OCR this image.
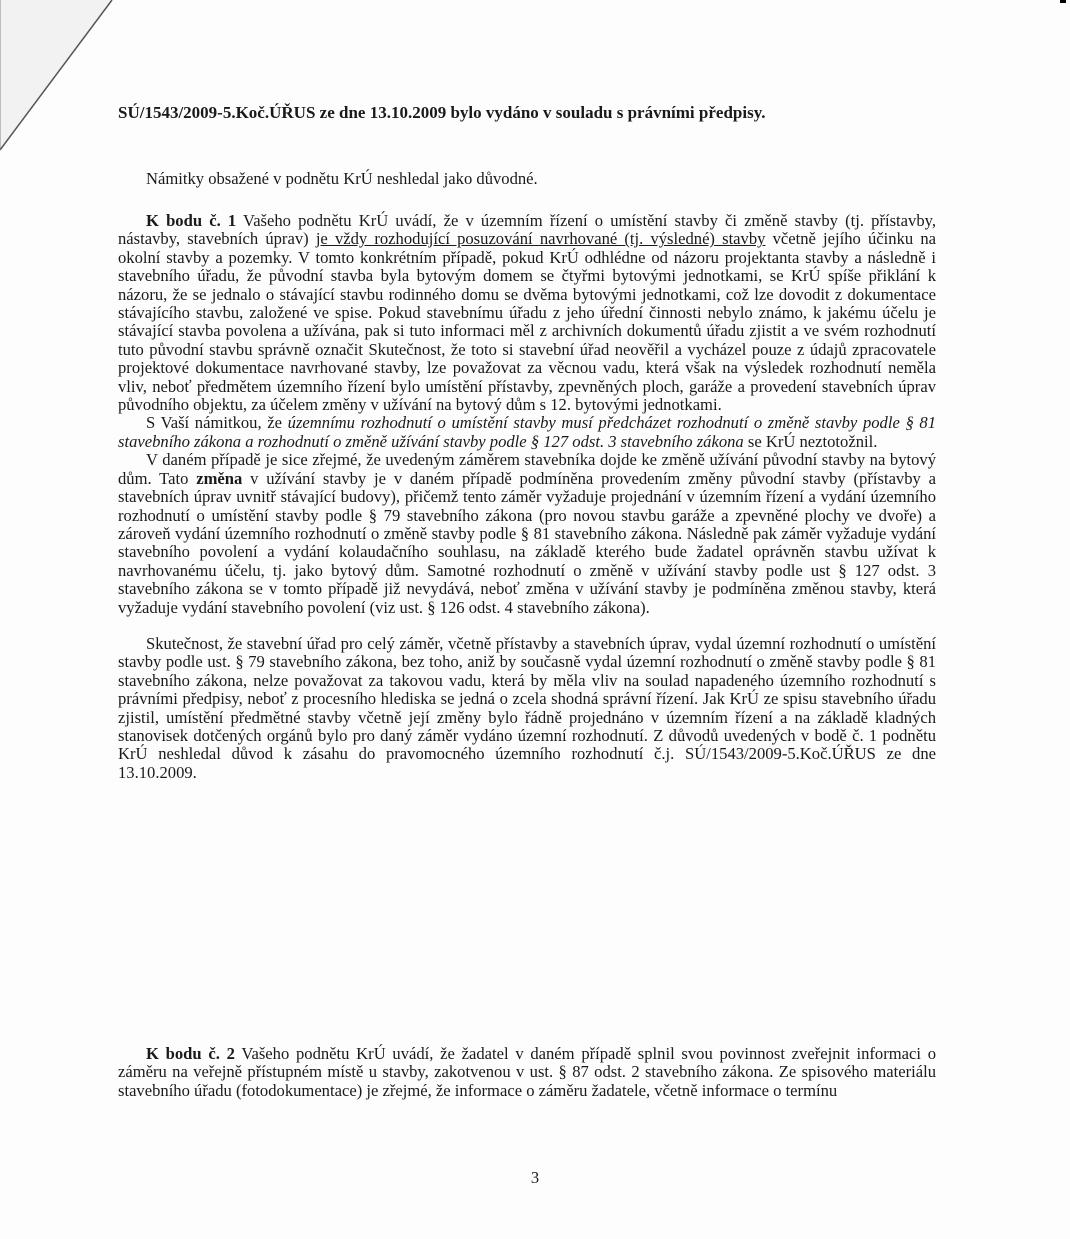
SÚ/1543/2009-5.Koč.ÚŘUS ze dne 13.10.2009 bylo vydáno v souladu s právními předpisy.

Námitky obsažené v podnětu KrÚ neshledal jako důvodné.

K bodu č. 1 Vašeho podnětu KrÚ uvádí, že v územním řízení o umístění stavby či změně stavby (tj. přístavby, nástavby, stavebních úprav) je vždy rozhodující posuzování navrhované (tj. výsledné) stavby včetně jejího účinku na okolní stavby a pozemky. V tomto konkrétním případě, pokud KrÚ odhlédne od názoru projektanta stavby a následně i stavebního úřadu, že původní stavba byla bytovým domem se čtyřmi bytovými jednotkami, se KrÚ spíše přiklání k názoru, že se jednalo o stávající stavbu rodinného domu se dvěma bytovými jednotkami, což lze dovodit z dokumentace stávajícího stavbu, založené ve spise. Pokud stavebnímu úřadu z jeho úřední činnosti nebylo známo, k jakému účelu je stávající stavba povolena a užívána, pak si tuto informaci měl z archivních dokumentů úřadu zjistit a ve svém rozhodnutí tuto původní stavbu správně označit Skutečnost, že toto si stavební úřad neověřil a vycházel pouze z údajů zpracovatele projektové dokumentace navrhované stavby, lze považovat za věcnou vadu, která však na výsledek rozhodnutí neměla vliv, neboť předmětem územního řízení bylo umístění přístavby, zpevněných ploch, garáže a provedení stavebních úprav původního objektu, za účelem změny v užívání na bytový dům s 12. bytovými jednotkami.

S Vaší námitkou, že územnímu rozhodnutí o umístění stavby musí předcházet rozhodnutí o změně stavby podle § 81 stavebního zákona a rozhodnutí o změně užívání stavby podle § 127 odst. 3 stavebního zákona se KrÚ neztotožnil.

V daném případě je sice zřejmé, že uvedeným záměrem stavebníka dojde ke změně užívání původní stavby na bytový dům. Tato změna v užívání stavby je v daném případě podmíněna provedením změny původní stavby (přístavby a stavebních úprav uvnitř stávající budovy), přičemž tento záměr vyžaduje projednání v územním řízení a vydání územního rozhodnutí o umístění stavby podle § 79 stavebního zákona (pro novou stavbu garáže a zpevněné plochy ve dvoře) a zároveň vydání územního rozhodnutí o změně stavby podle § 81 stavebního zákona. Následně pak záměr vyžaduje vydání stavebního povolení a vydání kolaudačního souhlasu, na základě kterého bude žadatel oprávněn stavbu užívat k navrhovanému účelu, tj. jako bytový dům. Samotné rozhodnutí o změně v užívání stavby podle ust § 127 odst. 3 stavebního zákona se v tomto případě již nevydává, neboť změna v užívání stavby je podmíněna změnou stavby, která vyžaduje vydání stavebního povolení (viz ust. § 126 odst. 4 stavebního zákona).

Skutečnost, že stavební úřad pro celý záměr, včetně přístavby a stavebních úprav, vydal územní rozhodnutí o umístění stavby podle ust. § 79 stavebního zákona, bez toho, aniž by současně vydal územní rozhodnutí o změně stavby podle § 81 stavebního zákona, nelze považovat za takovou vadu, která by měla vliv na soulad napadeného územního rozhodnutí s právními předpisy, neboť z procesního hlediska se jedná o zcela shodná správní řízení. Jak KrÚ ze spisu stavebního úřadu zjistil, umístění předmětné stavby včetně její změny bylo řádně projednáno v územním řízení a na základě kladných stanovisek dotčených orgánů bylo pro daný záměr vydáno územní rozhodnutí. Z důvodů uvedených v bodě č. 1 podnětu KrÚ neshledal důvod k zásahu do pravomocného územního rozhodnutí č.j. SÚ/1543/2009-5.Koč.ÚŘUS ze dne 13.10.2009.

K bodu č. 2 Vašeho podnětu KrÚ uvádí, že žadatel v daném případě splnil svou povinnost zveřejnit informaci o záměru na veřejně přístupném místě u stavby, zakotvenou v ust. § 87 odst. 2 stavebního zákona. Ze spisového materiálu stavebního úřadu (fotodokumentace) je zřejmé, že informace o záměru žadatele, včetně informace o termínu

3
